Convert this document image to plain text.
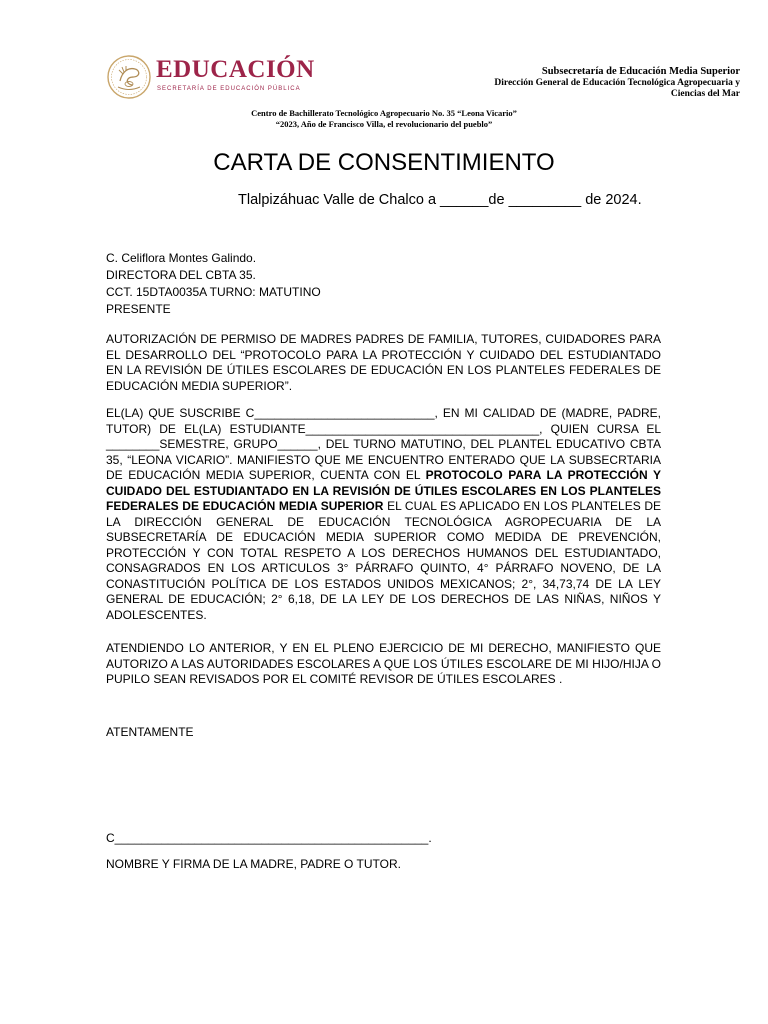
EDUCACIÓN
SECRETARÍA DE EDUCACIÓN PÚBLICA
Subsecretaría de Educación Media Superior
Dirección General de Educación Tecnológica Agropecuaria y
Ciencias del Mar
Centro de Bachillerato Tecnológico Agropecuario No. 35 “Leona Vicario”
“2023, Año de Francisco Villa, el revolucionario del pueblo”
CARTA DE CONSENTIMIENTO
Tlalpizáhuac Valle de Chalco a ______de _________ de 2024.
C. Celiflora Montes Galindo.
DIRECTORA DEL CBTA 35.
CCT. 15DTA0035A TURNO: MATUTINO
PRESENTE
AUTORIZACIÓN DE PERMISO DE MADRES PADRES DE FAMILIA, TUTORES, CUIDADORES PARA EL DESARROLLO DEL “PROTOCOLO PARA LA PROTECCIÓN Y CUIDADO DEL ESTUDIANTADO EN LA REVISIÓN DE ÚTILES ESCOLARES DE EDUCACIÓN EN LOS PLANTELES FEDERALES DE EDUCACIÓN MEDIA SUPERIOR”.
EL(LA) QUE SUSCRIBE C___________________________, EN MI CALIDAD DE (MADRE, PADRE, TUTOR) DE EL(LA) ESTUDIANTE___________________________________, QUIEN CURSA EL ________SEMESTRE, GRUPO______, DEL TURNO MATUTINO, DEL PLANTEL EDUCATIVO CBTA 35, “LEONA VICARIO”. MANIFIESTO QUE ME ENCUENTRO ENTERADO QUE LA SUBSECRTARIA DE EDUCACIÓN MEDIA SUPERIOR, CUENTA CON EL PROTOCOLO PARA LA PROTECCIÓN Y CUIDADO DEL ESTUDIANTADO EN LA REVISIÓN DE ÚTILES ESCOLARES EN LOS PLANTELES FEDERALES DE EDUCACIÓN MEDIA SUPERIOR EL CUAL ES APLICADO EN LOS PLANTELES DE LA DIRECCIÓN GENERAL DE EDUCACIÓN TECNOLÓGICA AGROPECUARIA DE LA SUBSECRETARÍA DE EDUCACIÓN MEDIA SUPERIOR COMO MEDIDA DE PREVENCIÓN, PROTECCIÓN Y CON TOTAL RESPETO A LOS DERECHOS HUMANOS DEL ESTUDIANTADO, CONSAGRADOS EN LOS ARTICULOS 3° PÁRRAFO QUINTO, 4° PÁRRAFO NOVENO, DE LA CONASTITUCIÓN POLÍTICA DE LOS ESTADOS UNIDOS MEXICANOS; 2°, 34,73,74 DE LA LEY GENERAL DE EDUCACIÓN; 2° 6,18, DE LA LEY DE LOS DERECHOS DE LAS NIÑAS, NIÑOS Y ADOLESCENTES.
ATENDIENDO LO ANTERIOR, Y EN EL PLENO EJERCICIO DE MI DERECHO, MANIFIESTO QUE AUTORIZO A LAS AUTORIDADES ESCOLARES A QUE LOS ÚTILES ESCOLARE DE MI HIJO/HIJA O PUPILO SEAN REVISADOS POR EL COMITÉ REVISOR DE ÚTILES ESCOLARES .
ATENTAMENTE
C_______________________________________________.
NOMBRE Y FIRMA DE LA MADRE, PADRE O TUTOR.
